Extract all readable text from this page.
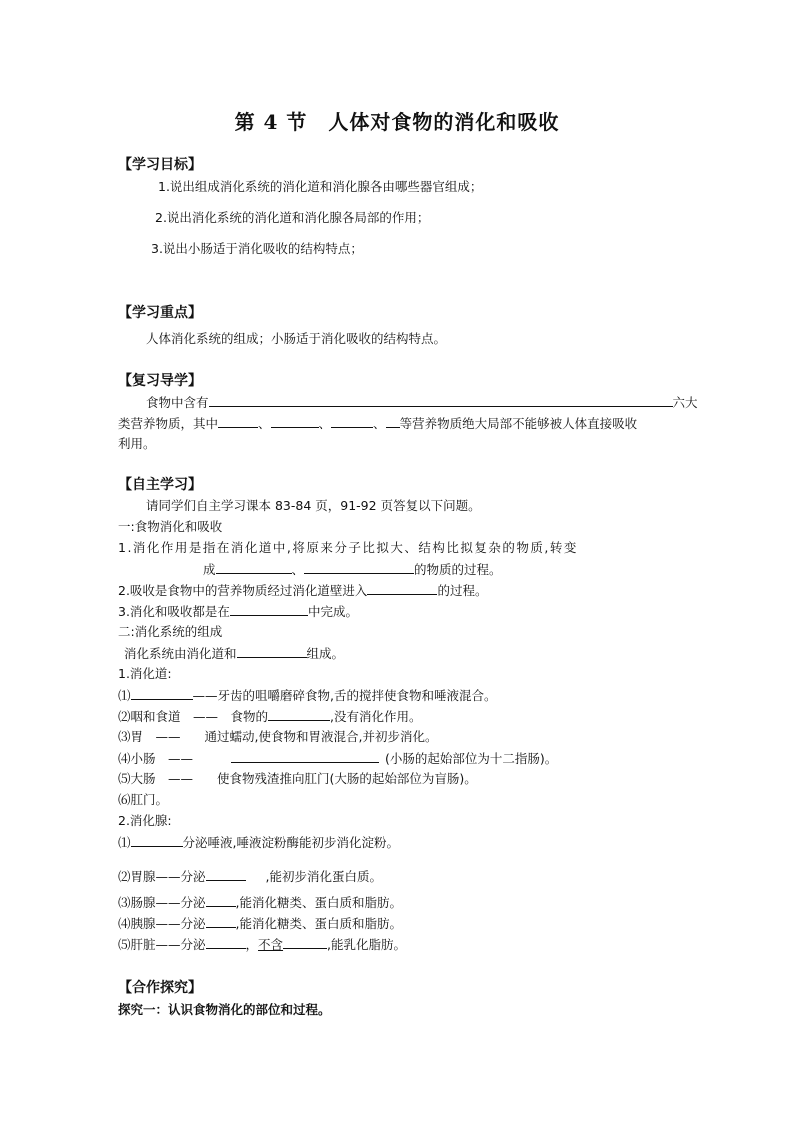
第 4 节　人体对食物的消化和吸收
【学习目标】
1.说出组成消化系统的消化道和消化腺各由哪些器官组成；
2.说出消化系统的消化道和消化腺各局部的作用；
3.说出小肠适于消化吸收的结构特点；
【学习重点】
人体消化系统的组成；小肠适于消化吸收的结构特点。
【复习导学】
食物中含有	六大
类营养物质，其中	、	、	、 等营养物质绝大局部不能够被人体直接吸收
利用。
【自主学习】
请同学们自主学习课本 83-84 页，91-92 页答复以下问题。
一:食物消化和吸收
1.消化作用是指在消化道中,将原来分子比拟大、结构比拟复杂的物质,转变
成	、	的物质的过程。
2.吸收是食物中的营养物质经过消化道壁进入	的过程。
3.消化和吸收都是在	中完成。
二:消化系统的组成
消化系统由消化道和	组成。
1.消化道:
⑴	——牙齿的咀嚼磨碎食物,舌的搅拌使食物和唾液混合。
⑵咽和食道　——　食物的	,没有消化作用。
⑶胃　—— 通过蠕动,使食物和胃液混合,并初步消化。
⑷小肠　——	(小肠的起始部位为十二指肠)。
⑸大肠　—— 使食物残渣推向肛门(大肠的起始部位为盲肠)。
⑹肛门。
2.消化腺:
⑴	分泌唾液,唾液淀粉酶能初步消化淀粉。
⑵胃腺——分泌	,能初步消化蛋白质。
⑶肠腺——分泌 ,能消化糖类、蛋白质和脂肪。
⑷胰腺——分泌 ,能消化糖类、蛋白质和脂肪。
⑸肝脏——分泌	，不含	,能乳化脂肪。
【合作探究】
探究一：认识食物消化的部位和过程。
